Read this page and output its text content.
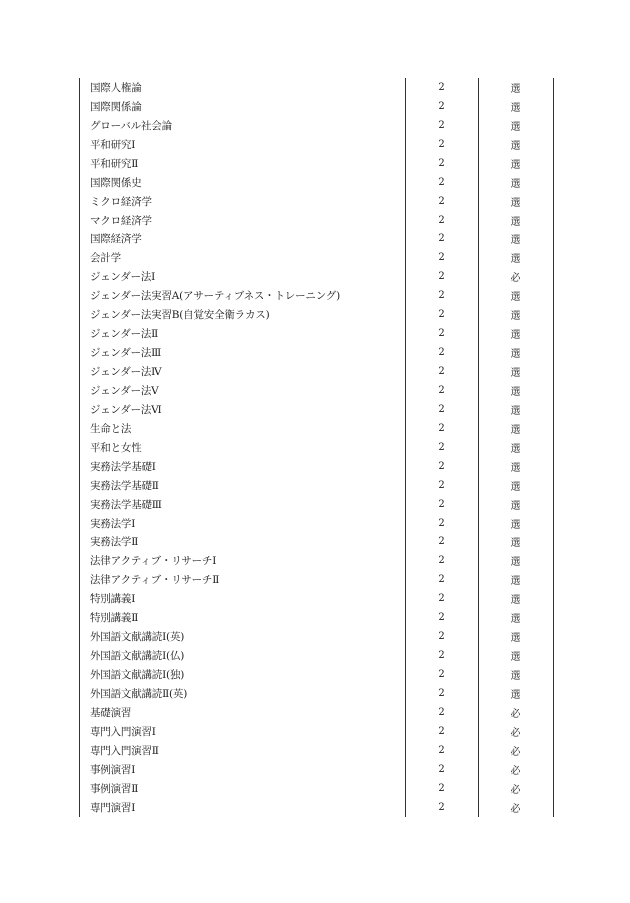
国際人権論	2	選
国際関係論	2	選
グローバル社会論	2	選
平和研究Ⅰ	2	選
平和研究Ⅱ	2	選
国際関係史	2	選
ミクロ経済学	2	選
マクロ経済学	2	選
国際経済学	2	選
会計学	2	選
ジェンダー法Ⅰ	2	必
ジェンダー法実習A(アサーティブネス・トレーニング)	2	選
ジェンダー法実習B(自覚安全衛ラカス)	2	選
ジェンダー法Ⅱ	2	選
ジェンダー法Ⅲ	2	選
ジェンダー法Ⅳ	2	選
ジェンダー法Ⅴ	2	選
ジェンダー法Ⅵ	2	選
生命と法	2	選
平和と女性	2	選
実務法学基礎Ⅰ	2	選
実務法学基礎Ⅱ	2	選
実務法学基礎Ⅲ	2	選
実務法学Ⅰ	2	選
実務法学Ⅱ	2	選
法律アクティブ・リサーチⅠ	2	選
法律アクティブ・リサーチⅡ	2	選
特別講義Ⅰ	2	選
特別講義Ⅱ	2	選
外国語文献講読Ⅰ(英)	2	選
外国語文献講読Ⅰ(仏)	2	選
外国語文献講読Ⅰ(独)	2	選
外国語文献講読Ⅱ(英)	2	選
基礎演習	2	必
専門入門演習Ⅰ	2	必
専門入門演習Ⅱ	2	必
事例演習Ⅰ	2	必
事例演習Ⅱ	2	必
専門演習Ⅰ	2	必
